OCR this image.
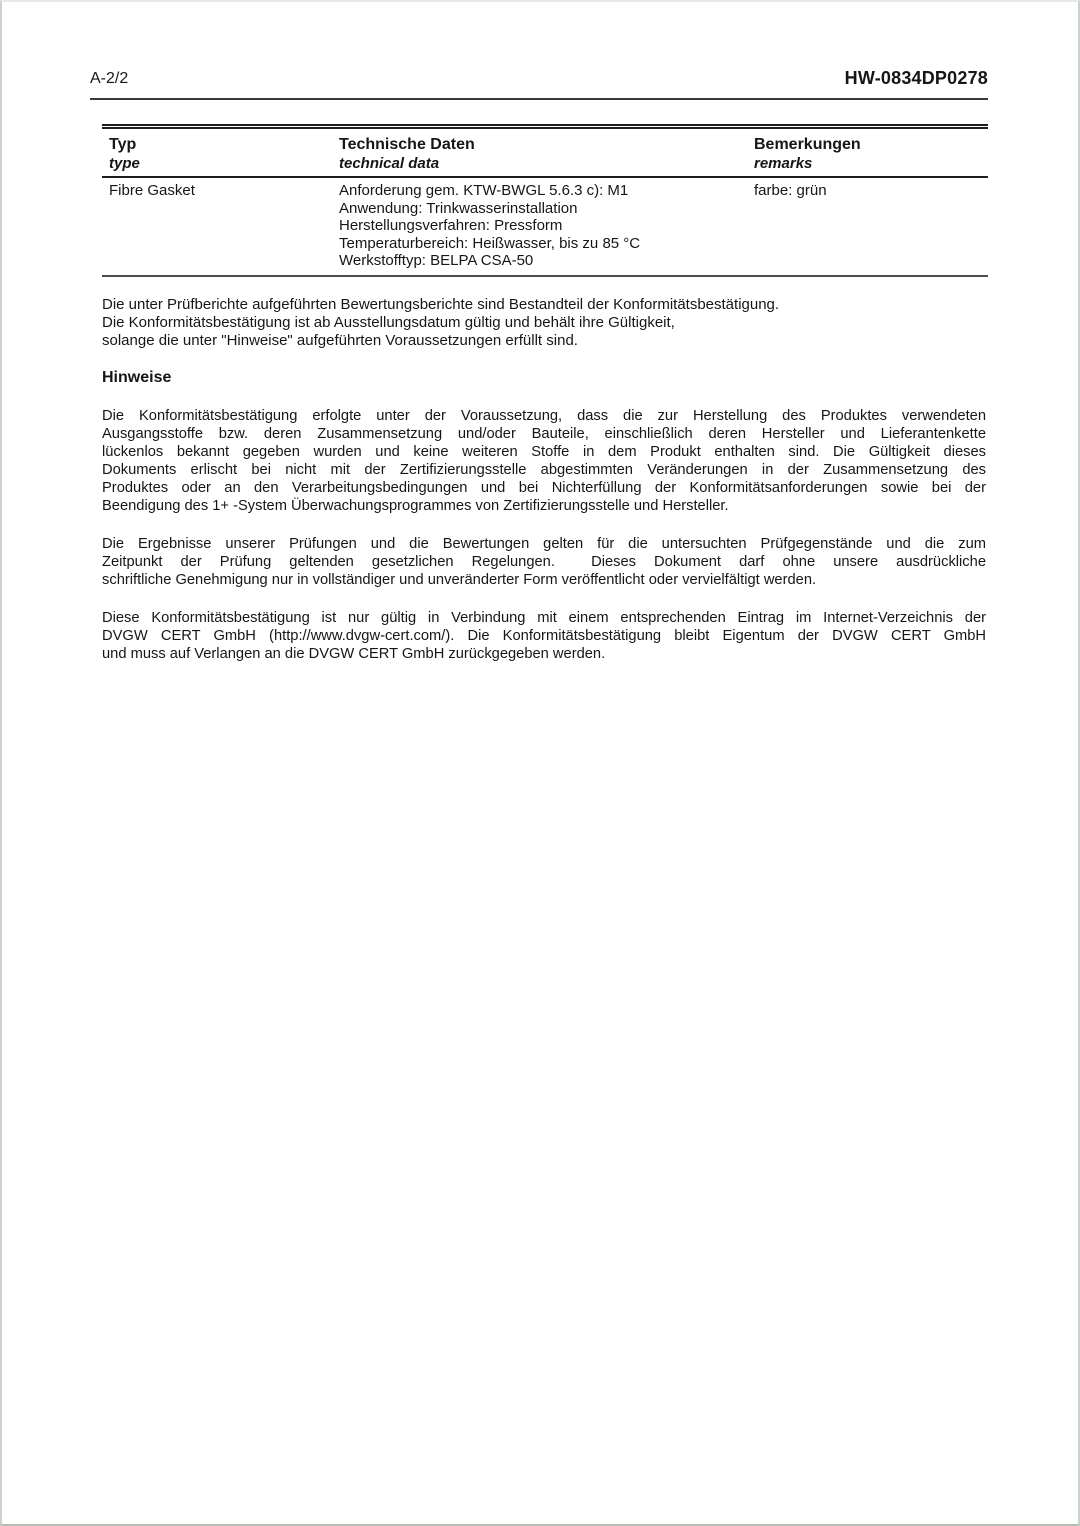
A-2/2	HW-0834DP0278
Typ
type
Technische Daten
technical data
Bemerkungen
remarks
Fibre Gasket	Anforderung gem. KTW-BWGL 5.6.3 c): M1
Anwendung: Trinkwasserinstallation
Herstellungsverfahren: Pressform
Temperaturbereich: Heißwasser, bis zu 85 °C
Werkstofftyp: BELPA CSA-50
farbe: grün
Die unter Prüfberichte aufgeführten Bewertungsberichte sind Bestandteil der Konformitätsbestätigung.
Die Konformitätsbestätigung ist ab Ausstellungsdatum gültig und behält ihre Gültigkeit,
solange die unter "Hinweise" aufgeführten Voraussetzungen erfüllt sind.
Hinweise
Die Konformitätsbestätigung erfolgte unter der Voraussetzung, dass die zur Herstellung des Produktes verwendeten
Ausgangsstoffe bzw. deren Zusammensetzung und/oder Bauteile, einschließlich deren Hersteller und Lieferantenkette
lückenlos bekannt gegeben wurden und keine weiteren Stoffe in dem Produkt enthalten sind. Die Gültigkeit dieses
Dokuments erlischt bei nicht mit der Zertifizierungsstelle abgestimmten Veränderungen in der Zusammensetzung des
Produktes oder an den Verarbeitungsbedingungen und bei Nichterfüllung der Konformitätsanforderungen sowie bei der
Beendigung des 1+ -System Überwachungsprogrammes von Zertifizierungsstelle und Hersteller.
Die Ergebnisse unserer Prüfungen und die Bewertungen gelten für die untersuchten Prüfgegenstände und die zum
Zeitpunkt der Prüfung geltenden gesetzlichen Regelungen.  Dieses Dokument darf ohne unsere ausdrückliche
schriftliche Genehmigung nur in vollständiger und unveränderter Form veröffentlicht oder vervielfältigt werden.
Diese Konformitätsbestätigung ist nur gültig in Verbindung mit einem entsprechenden Eintrag im Internet-Verzeichnis der
DVGW CERT GmbH (http://www.dvgw-cert.com/). Die Konformitätsbestätigung bleibt Eigentum der DVGW CERT GmbH
und muss auf Verlangen an die DVGW CERT GmbH zurückgegeben werden.
